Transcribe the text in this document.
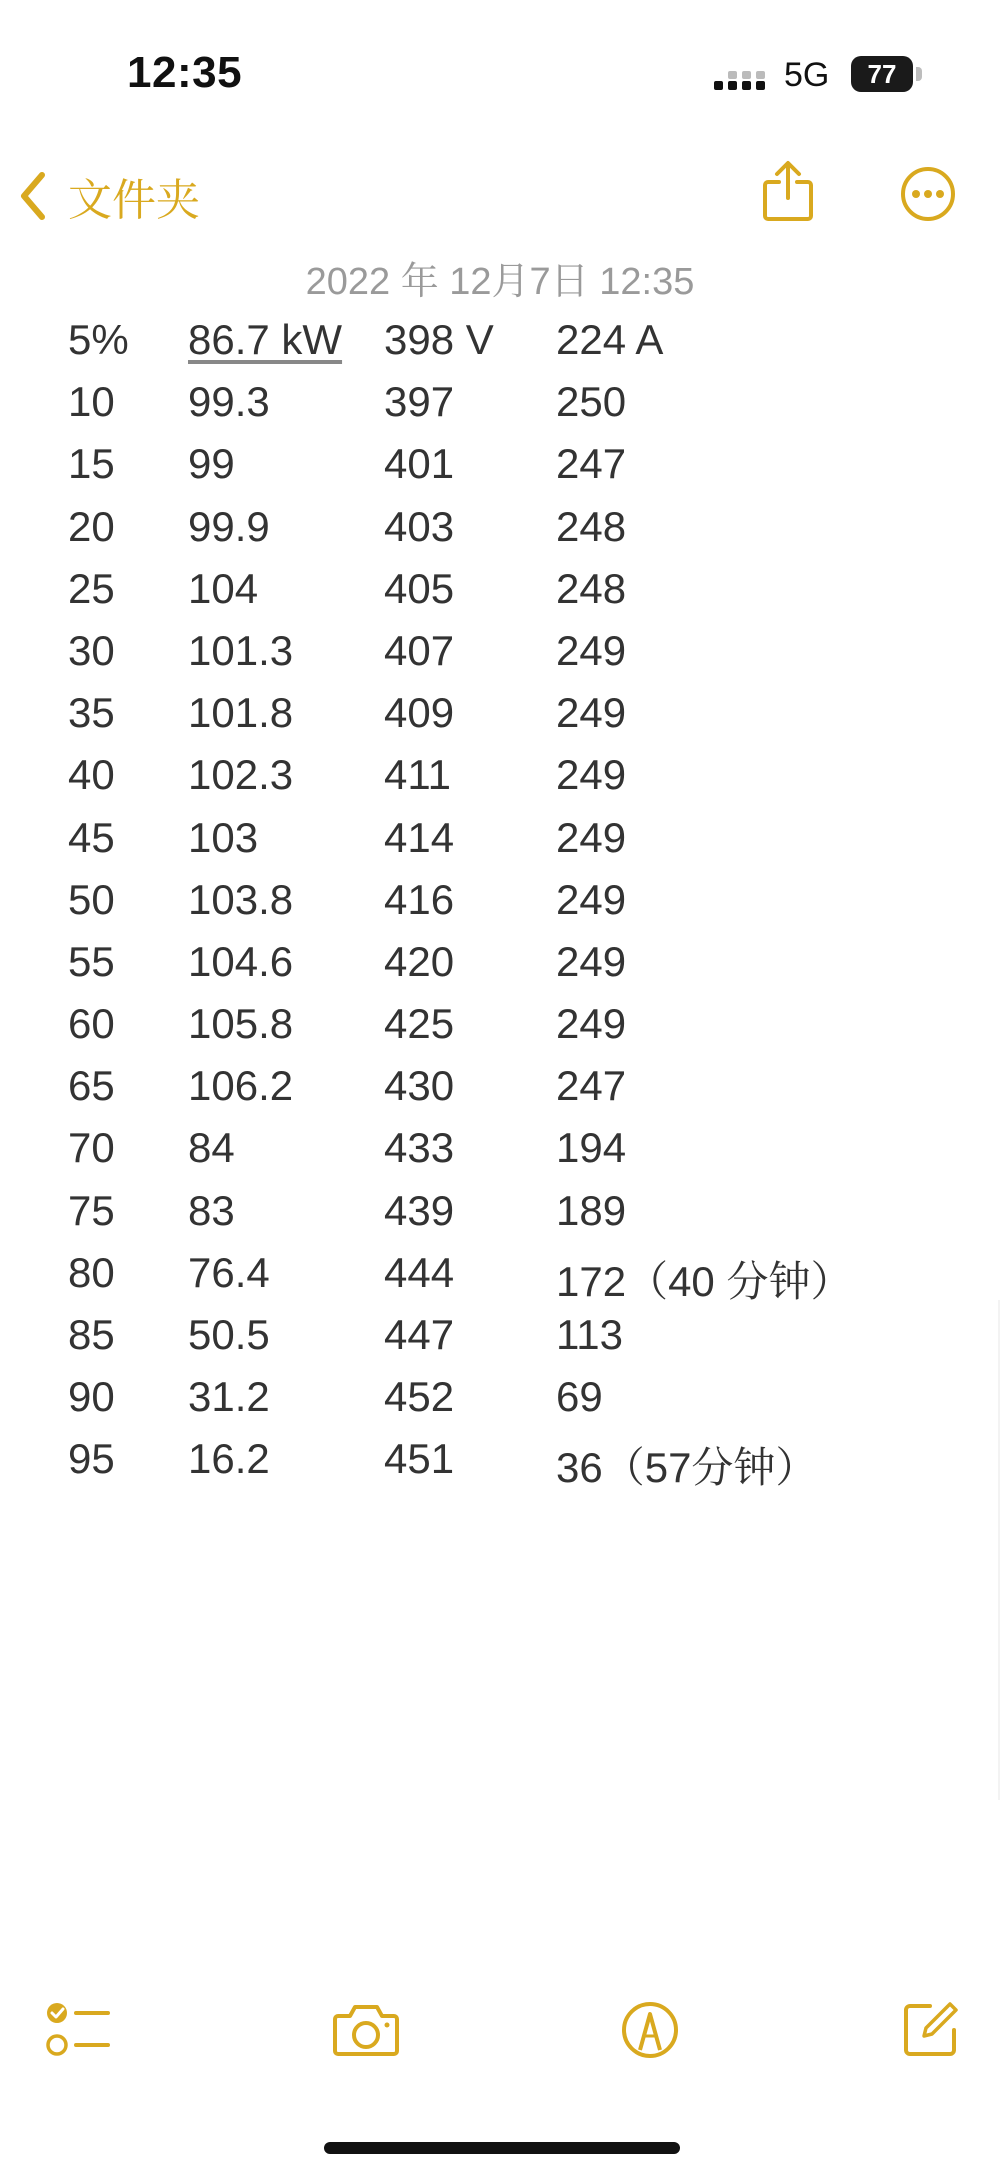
12:35	5G	77
文件夹
2022 年 12月7日 12:35
5% 86.7 kW 398 V 224 A
10 99.3	397 250
15 99	401 247
20 99.9	403 248
25 104	405 248
30 101.3 407 249
35 101.8 409 249
40 102.3 411	249
45 103	414 249
50 103.8 416 249
55 104.6 420 249
60 105.8 425 249
65 106.2 430 247
70 84	433 194
75 83	439 189
80 76.4	444 172（40 分钟）
85 50.5	447 113
90 31.2	452 69
95 16.2	451 36（57分钟）
